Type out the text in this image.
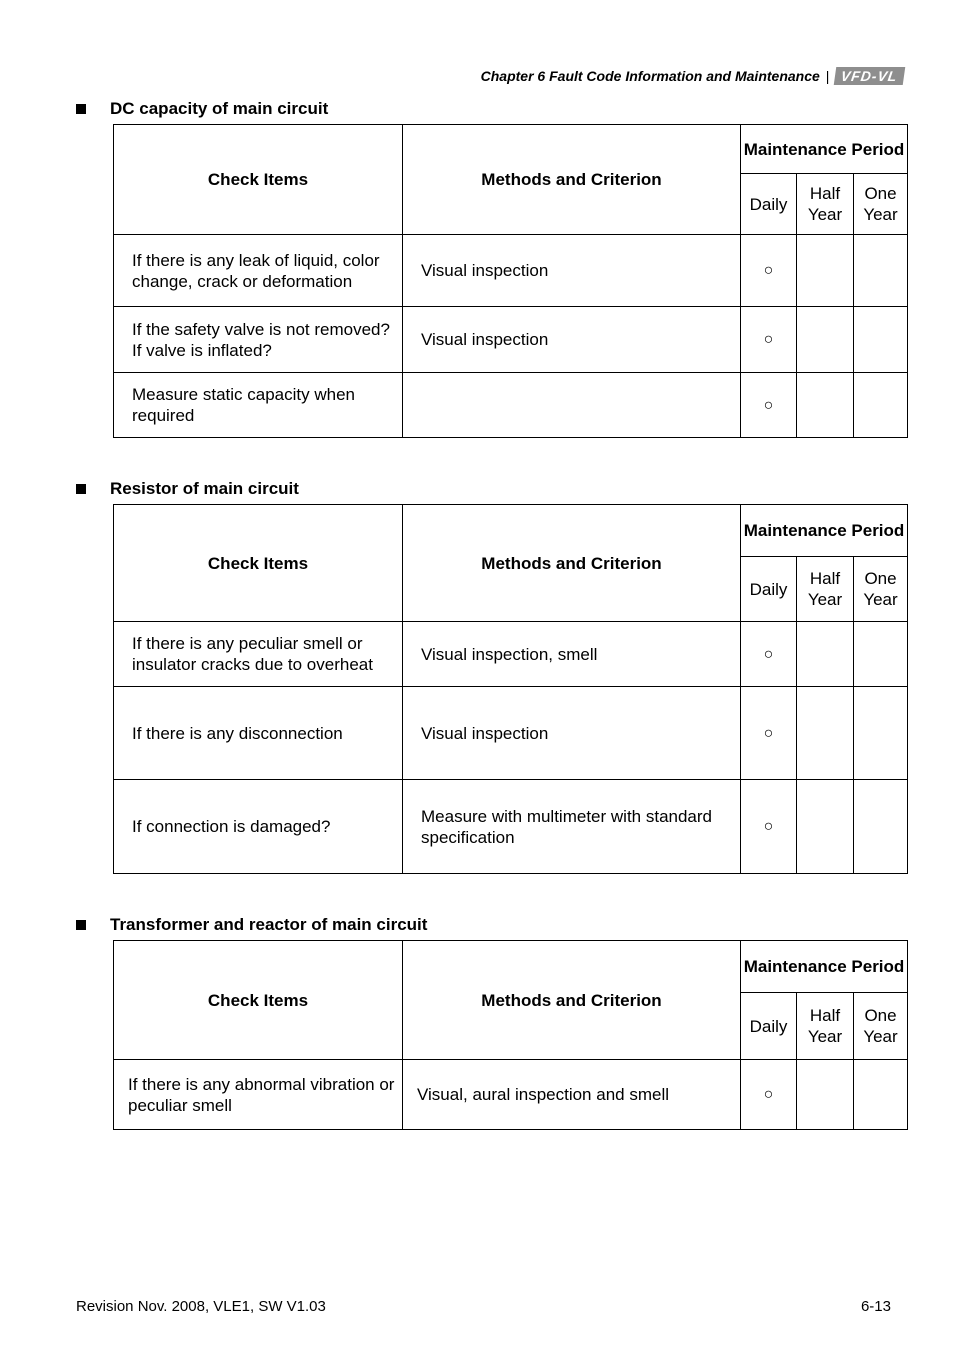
Chapter 6 Fault Code Information and Maintenance | VFD-VL
DC capacity of main circuit
Check Items	Methods and Criterion	Maintenance Period		
		Daily	Half Year	One Year
If there is any leak of liquid, color change, crack or deformation	Visual inspection	○		
If the safety valve is not removed? If valve is inflated?	Visual inspection	○		
Measure static capacity when required		○		
Resistor of main circuit
Check Items	Methods and Criterion	Maintenance Period		
		Daily	Half Year	One Year
If there is any peculiar smell or insulator cracks due to overheat	Visual inspection, smell	○		
If there is any disconnection	Visual inspection	○		
If connection is damaged?	Measure with multimeter with standard specification	○		
Transformer and reactor of main circuit
Check Items	Methods and Criterion	Maintenance Period		
		Daily	Half Year	One Year
If there is any abnormal vibration or peculiar smell	Visual, aural inspection and smell	○		
Revision Nov. 2008, VLE1, SW V1.03	6-13
